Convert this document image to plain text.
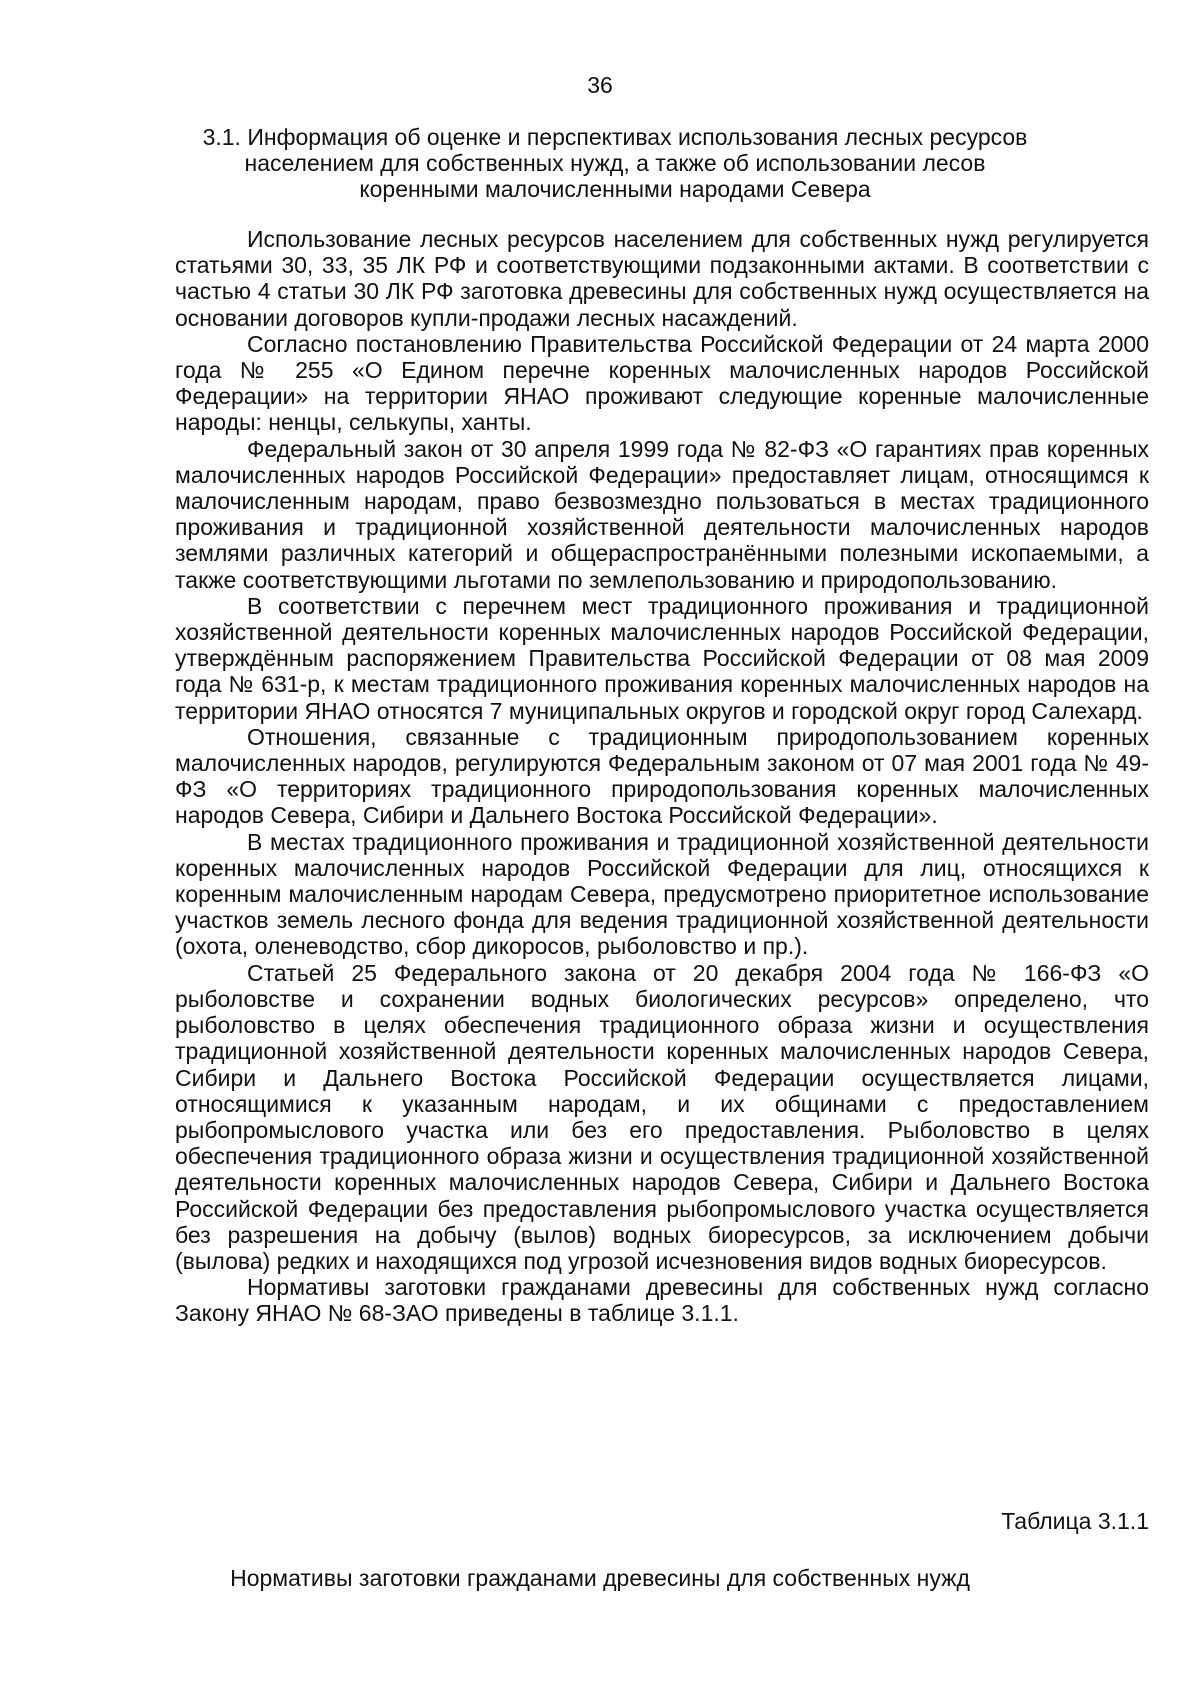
36
3.1. Информация об оценке и перспективах использования лесных ресурсов
населением для собственных нужд, а также об использовании лесов
коренными малочисленными народами Севера

Использование лесных ресурсов населением для собственных нужд регулируется статьями 30, 33, 35 ЛК РФ и соответствующими подзаконными актами. В соответствии с частью 4 статьи 30 ЛК РФ заготовка древесины для собственных нужд осуществляется на основании договоров купли-продажи лесных насаждений.

Согласно постановлению Правительства Российской Федерации от 24 марта 2000 года № 255 «О Едином перечне коренных малочисленных народов Российской Федерации» на территории ЯНАО проживают следующие коренные малочисленные народы: ненцы, селькупы, ханты.

Федеральный закон от 30 апреля 1999 года № 82-ФЗ «О гарантиях прав коренных малочисленных народов Российской Федерации» предоставляет лицам, относящимся к малочисленным народам, право безвозмездно пользоваться в местах традиционного проживания и традиционной хозяйственной деятельности малочисленных народов землями различных категорий и общераспространёнными полезными ископаемыми, а также соответствующими льготами по землепользованию и природопользованию.

В соответствии с перечнем мест традиционного проживания и традиционной хозяйственной деятельности коренных малочисленных народов Российской Федерации, утверждённым распоряжением Правительства Российской Федерации от 08 мая 2009 года № 631-р, к местам традиционного проживания коренных малочисленных народов на территории ЯНАО относятся 7 муниципальных округов и городской округ город Салехард.

Отношения, связанные с традиционным природопользованием коренных малочисленных народов, регулируются Федеральным законом от 07 мая 2001 года № 49-ФЗ «О территориях традиционного природопользования коренных малочисленных народов Севера, Сибири и Дальнего Востока Российской Федерации».

В местах традиционного проживания и традиционной хозяйственной деятельности коренных малочисленных народов Российской Федерации для лиц, относящихся к коренным малочисленным народам Севера, предусмотрено приоритетное использование участков земель лесного фонда для ведения традиционной хозяйственной деятельности (охота, оленеводство, сбор дикоросов, рыболовство и пр.).

Статьей 25 Федерального закона от 20 декабря 2004 года № 166-ФЗ «О рыболовстве и сохранении водных биологических ресурсов» определено, что рыболовство в целях обеспечения традиционного образа жизни и осуществления традиционной хозяйственной деятельности коренных малочисленных народов Севера, Сибири и Дальнего Востока Российской Федерации осуществляется лицами, относящимися к указанным народам, и их общинами с предоставлением рыбопромыслового участка или без его предоставления. Рыболовство в целях обеспечения традиционного образа жизни и осуществления традиционной хозяйственной деятельности коренных малочисленных народов Севера, Сибири и Дальнего Востока Российской Федерации без предоставления рыбопромыслового участка осуществляется без разрешения на добычу (вылов) водных биоресурсов, за исключением добычи (вылова) редких и находящихся под угрозой исчезновения видов водных биоресурсов.

Нормативы заготовки гражданами древесины для собственных нужд согласно Закону ЯНАО № 68-ЗАО приведены в таблице 3.1.1.

Таблица 3.1.1
Нормативы заготовки гражданами древесины для собственных нужд
